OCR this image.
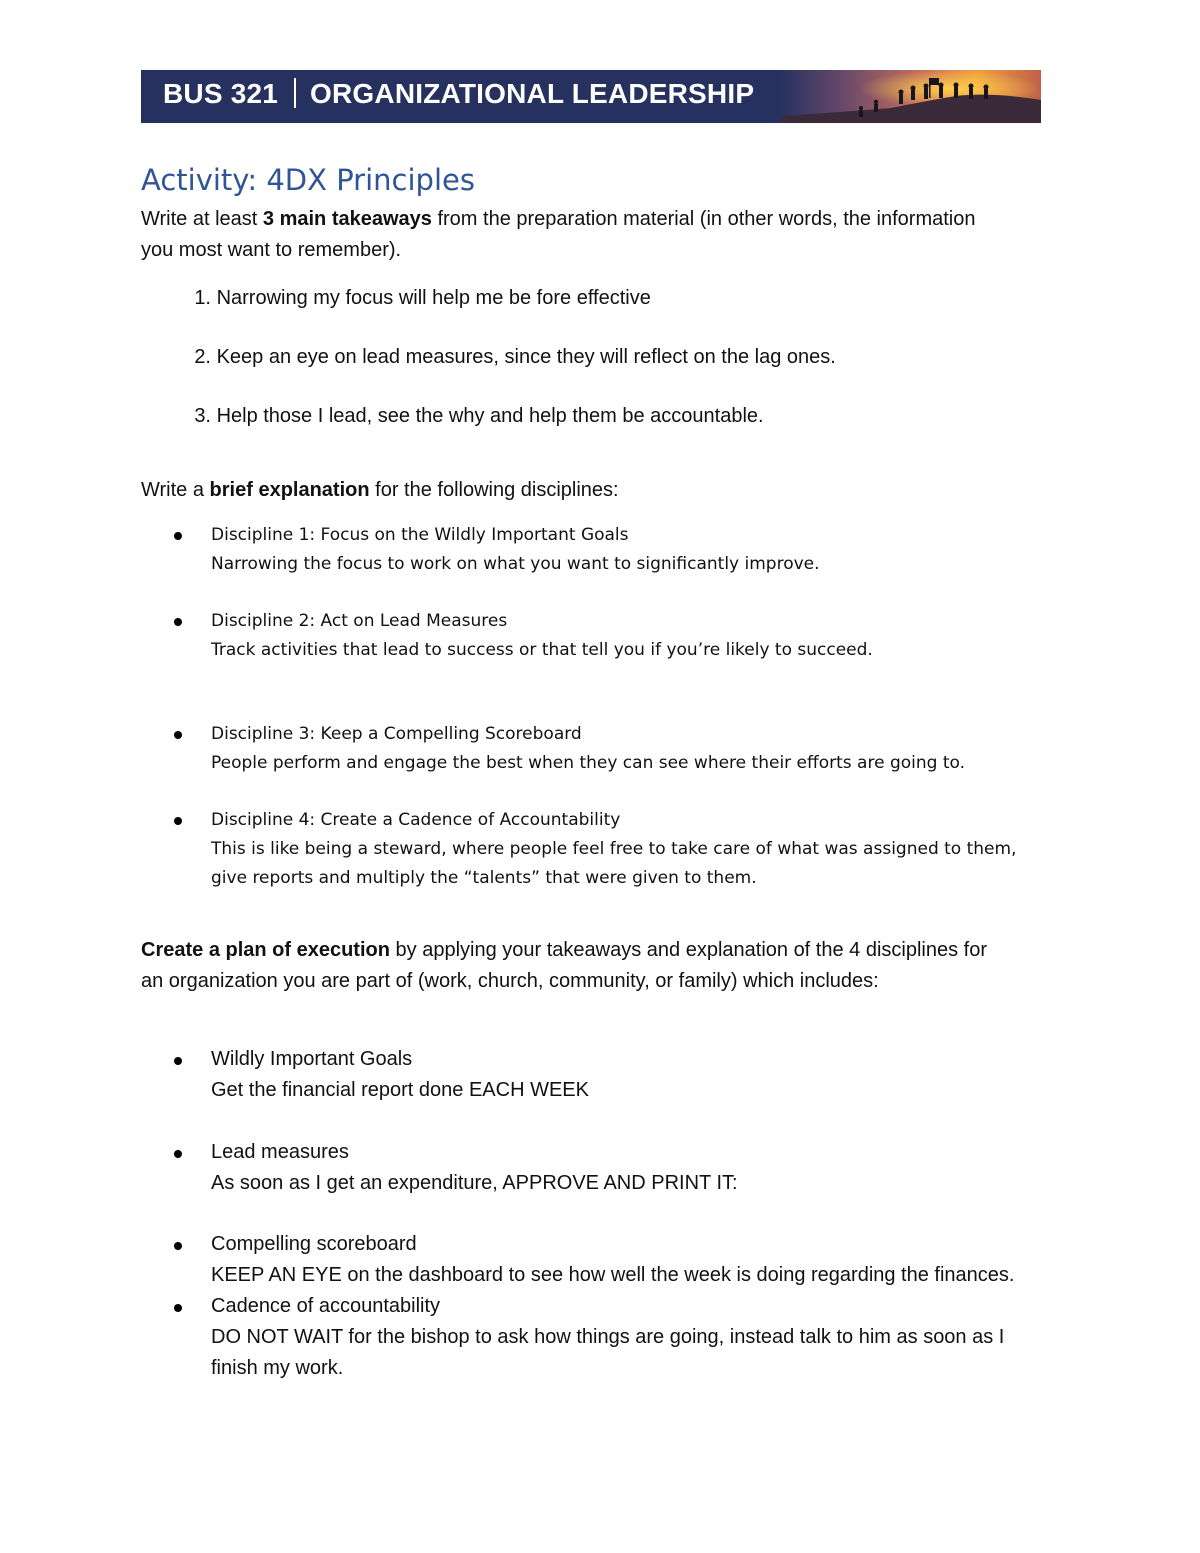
BUS 321 ORGANIZATIONAL LEADERSHIP
Activity: 4DX Principles
Write at least 3 main takeaways from the preparation material (in other words, the information
you most want to remember).
1. Narrowing my focus will help me be fore effective
2. Keep an eye on lead measures, since they will reflect on the lag ones.
3. Help those I lead, see the why and help them be accountable.
Write a brief explanation for the following disciplines:
Discipline 1: Focus on the Wildly Important Goals
Narrowing the focus to work on what you want to significantly improve.
Discipline 2: Act on Lead Measures
Track activities that lead to success or that tell you if you’re likely to succeed.
Discipline 3: Keep a Compelling Scoreboard
People perform and engage the best when they can see where their efforts are going to.
Discipline 4: Create a Cadence of Accountability
This is like being a steward, where people feel free to take care of what was assigned to them,
give reports and multiply the “talents” that were given to them.
Create a plan of execution by applying your takeaways and explanation of the 4 disciplines for
an organization you are part of (work, church, community, or family) which includes:
Wildly Important Goals
Get the financial report done EACH WEEK
Lead measures
As soon as I get an expenditure, APPROVE AND PRINT IT:
Compelling scoreboard
KEEP AN EYE on the dashboard to see how well the week is doing regarding the finances.
Cadence of accountability
DO NOT WAIT for the bishop to ask how things are going, instead talk to him as soon as I
finish my work.
